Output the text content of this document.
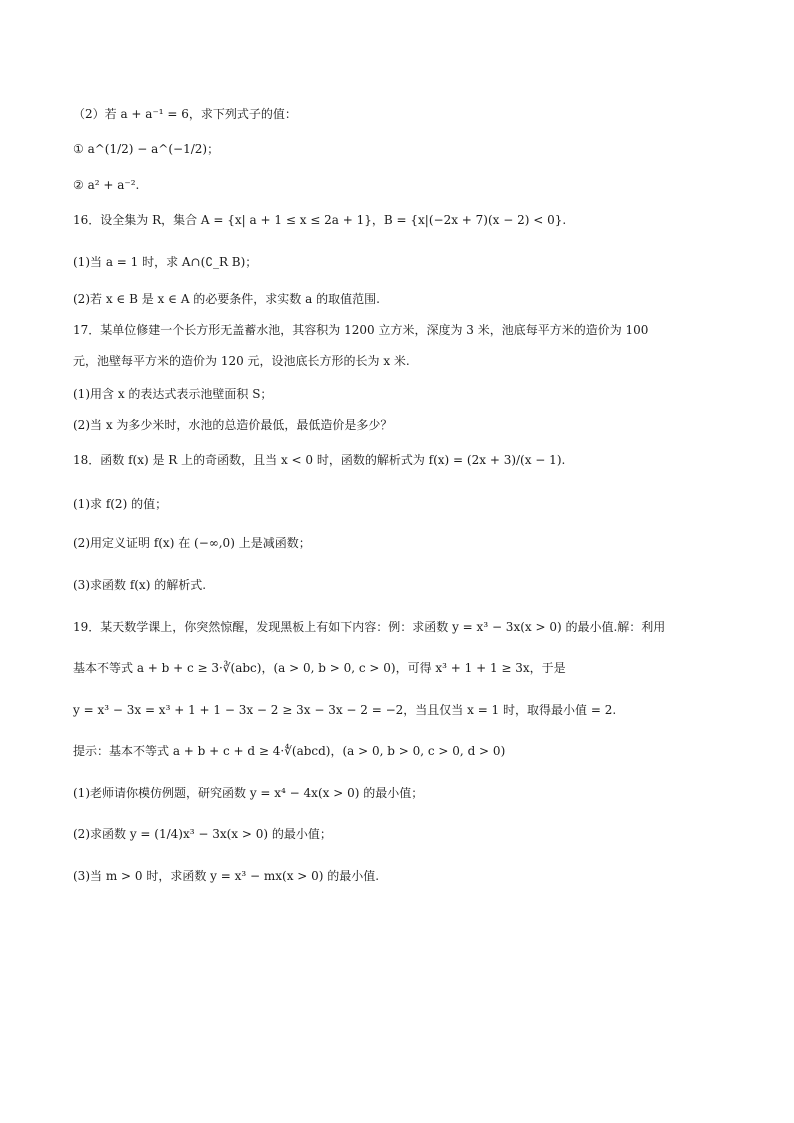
（2）若 a + a⁻¹ = 6，求下列式子的值：
① a^(1/2) − a^(−1/2)；
② a² + a⁻².
16．设全集为 R，集合 A = {x| a + 1 ≤ x ≤ 2a + 1}，B = {x|(−2x + 7)(x − 2) < 0}.
(1)当 a = 1 时，求 A∩(∁_R B)；
(2)若 x ∈ B 是 x ∈ A 的必要条件，求实数 a 的取值范围.
17．某单位修建一个长方形无盖蓄水池，其容积为 1200 立方米，深度为 3 米，池底每平方米的造价为 100
元，池壁每平方米的造价为 120 元，设池底长方形的长为 x 米.
(1)用含 x 的表达式表示池壁面积 S；
(2)当 x 为多少米时，水池的总造价最低，最低造价是多少？
18．函数 f(x) 是 R 上的奇函数，且当 x < 0 时，函数的解析式为 f(x) = (2x + 3)/(x − 1).
(1)求 f(2) 的值；
(2)用定义证明 f(x) 在 (−∞,0) 上是减函数；
(3)求函数 f(x) 的解析式.
19．某天数学课上，你突然惊醒，发现黑板上有如下内容：例：求函数 y = x³ − 3x(x > 0) 的最小值.解：利用
基本不等式 a + b + c ≥ 3·∛(abc)，(a > 0, b > 0, c > 0)，可得 x³ + 1 + 1 ≥ 3x，于是
y = x³ − 3x = x³ + 1 + 1 − 3x − 2 ≥ 3x − 3x − 2 = −2，当且仅当 x = 1 时，取得最小值 = 2.
提示：基本不等式 a + b + c + d ≥ 4·∜(abcd)，(a > 0, b > 0, c > 0, d > 0)
(1)老师请你模仿例题，研究函数 y = x⁴ − 4x(x > 0) 的最小值；
(2)求函数 y = (1/4)x³ − 3x(x > 0) 的最小值；
(3)当 m > 0 时，求函数 y = x³ − mx(x > 0) 的最小值.
